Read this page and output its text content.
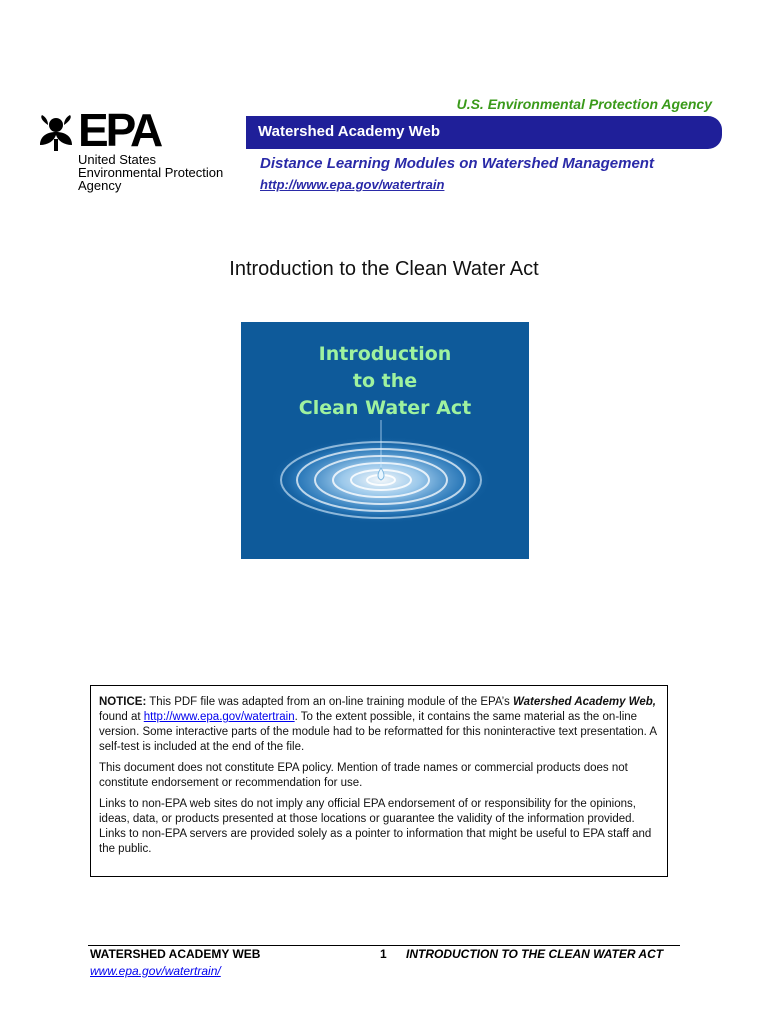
EPA
United States
Environmental Protection
Agency
U.S. Environmental Protection Agency
Watershed Academy Web
Distance Learning Modules on Watershed Management
http://www.epa.gov/watertrain
Introduction to the Clean Water Act
Introduction
to the
Clean Water Act

NOTICE: This PDF file was adapted from an on-line training module of the EPA’s Watershed Academy Web, found at http://www.epa.gov/watertrain. To the extent possible, it contains the same material as the on-line version. Some interactive parts of the module had to be reformatted for this noninteractive text presentation. A self-test is included at the end of the file.

This document does not constitute EPA policy. Mention of trade names or commercial products does not constitute endorsement or recommendation for use.

Links to non-EPA web sites do not imply any official EPA endorsement of or responsibility for the opinions, ideas, data, or products presented at those locations or guarantee the validity of the information provided. Links to non-EPA servers are provided solely as a pointer to information that might be useful to EPA staff and the public.

WATERSHED ACADEMY WEB	1 INTRODUCTION TO THE CLEAN WATER ACT
www.epa.gov/watertrain/
